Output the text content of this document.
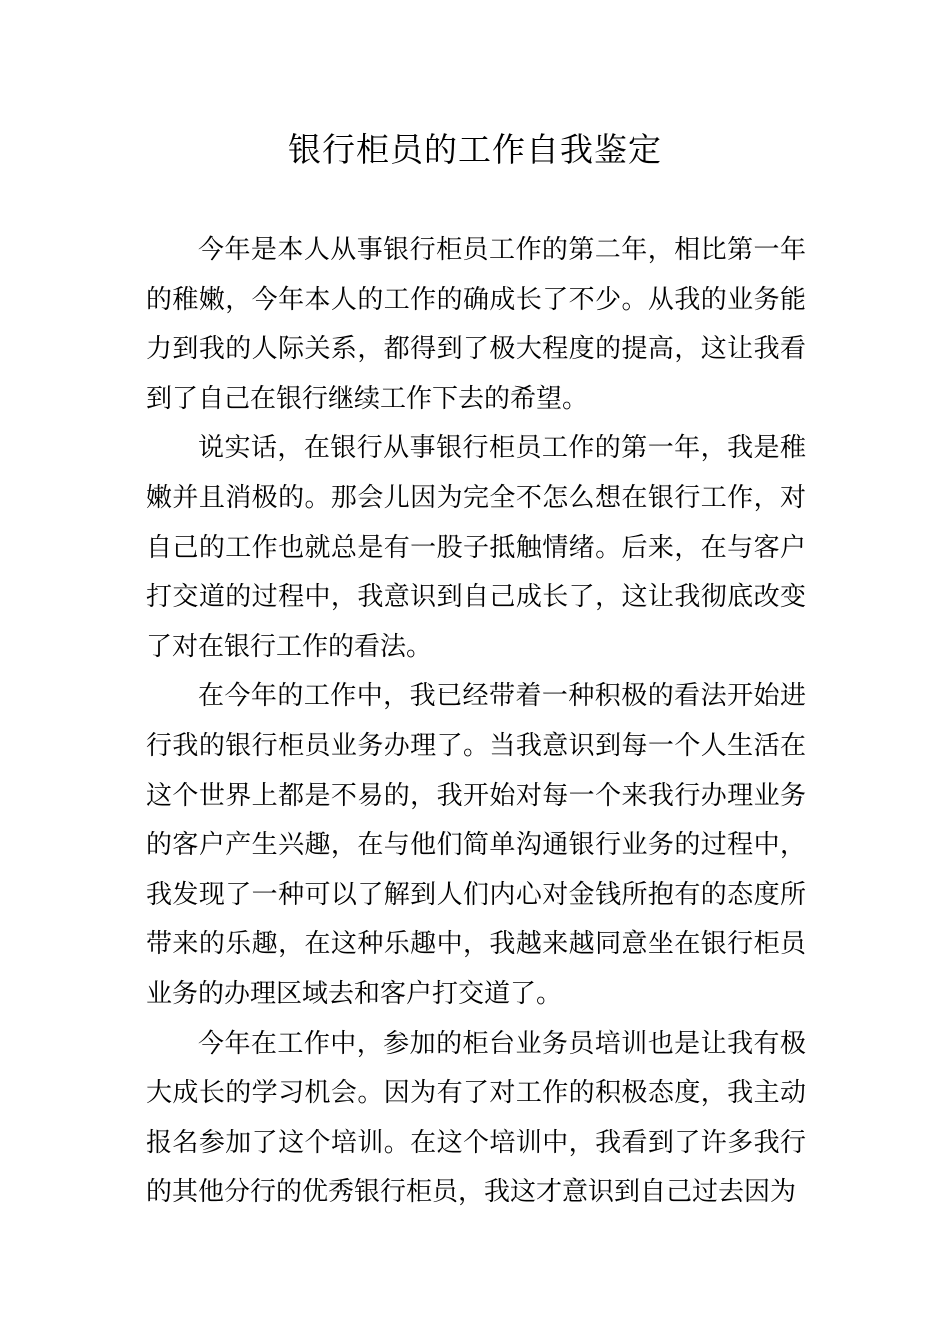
银行柜员的工作自我鉴定

今年是本人从事银行柜员工作的第二年，相比第一年的稚嫩，今年本人的工作的确成长了不少。从我的业务能力到我的人际关系，都得到了极大程度的提高，这让我看到了自己在银行继续工作下去的希望。

说实话，在银行从事银行柜员工作的第一年，我是稚嫩并且消极的。那会儿因为完全不怎么想在银行工作，对自己的工作也就总是有一股子抵触情绪。后来，在与客户打交道的过程中，我意识到自己成长了，这让我彻底改变了对在银行工作的看法。

在今年的工作中，我已经带着一种积极的看法开始进行我的银行柜员业务办理了。当我意识到每一个人生活在这个世界上都是不易的，我开始对每一个来我行办理业务的客户产生兴趣，在与他们简单沟通银行业务的过程中，我发现了一种可以了解到人们内心对金钱所抱有的态度所带来的乐趣，在这种乐趣中，我越来越同意坐在银行柜员业务的办理区域去和客户打交道了。

今年在工作中，参加的柜台业务员培训也是让我有极大成长的学习机会。因为有了对工作的积极态度，我主动报名参加了这个培训。在这个培训中，我看到了许多我行的其他分行的优秀银行柜员，我这才意识到自己过去因为
